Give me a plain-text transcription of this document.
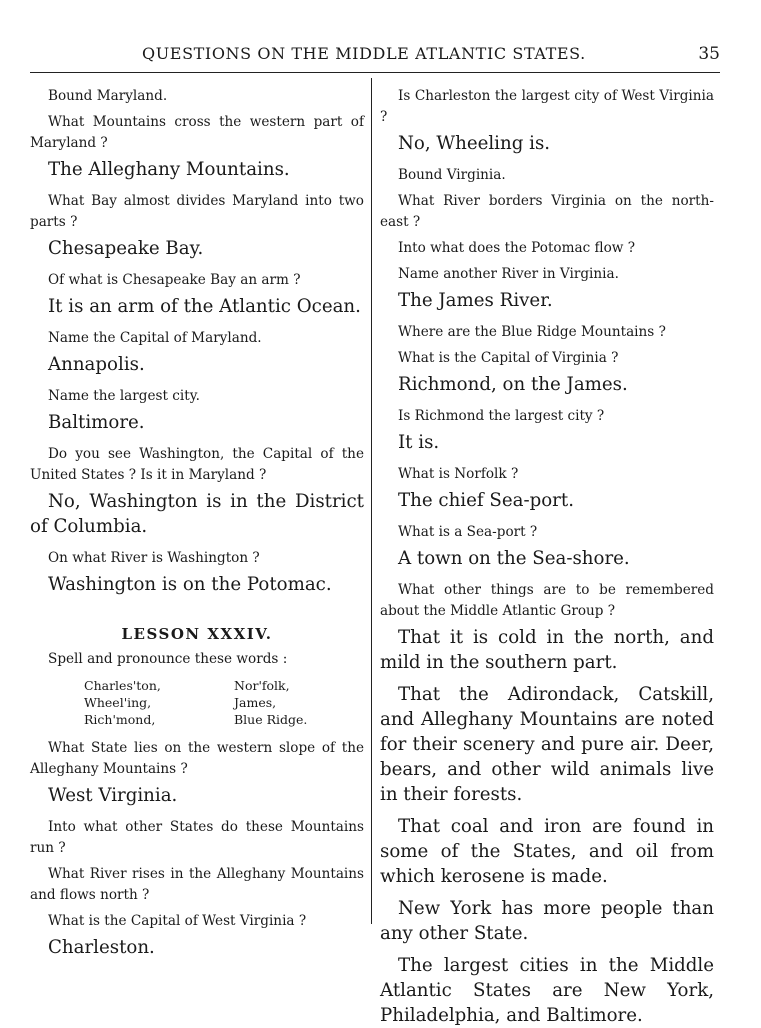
QUESTIONS ON THE MIDDLE ATLANTIC STATES.	35

Bound Maryland.

What Mountains cross the western part of Maryland ?

The Alleghany Mountains.

What Bay almost divides Maryland into two parts ?

Chesapeake Bay.

Of what is Chesapeake Bay an arm ?

It is an arm of the Atlantic Ocean.

Name the Capital of Maryland.

Annapolis.

Name the largest city.

Baltimore.

Do you see Washington, the Capital of the United States ? Is it in Maryland ?

No, Washington is in the District of Columbia.

On what River is Washington ?

Washington is on the Potomac.

LESSON XXXIV.

Spell and pronounce these words :

Charles'ton,	Nor'folk,
Wheel'ing,	James,
Rich'mond,	Blue Ridge.

What State lies on the western slope of the Alleghany Mountains ?

West Virginia.

Into what other States do these Mountains run ?

What River rises in the Alleghany Mountains and flows north ?

What is the Capital of West Virginia ?

Charleston.

Is Charleston the largest city of West Virginia ?

No, Wheeling is.

Bound Virginia.

What River borders Virginia on the north-east ?

Into what does the Potomac flow ?

Name another River in Virginia.

The James River.

Where are the Blue Ridge Mountains ?

What is the Capital of Virginia ?

Richmond, on the James.

Is Richmond the largest city ?

It is.

What is Norfolk ?

The chief Sea-port.

What is a Sea-port ?

A town on the Sea-shore.

What other things are to be remembered about the Middle Atlantic Group ?

That it is cold in the north, and mild in the southern part.

That the Adirondack, Catskill, and Alleghany Mountains are noted for their scenery and pure air. Deer, bears, and other wild animals live in their forests.

That coal and iron are found in some of the States, and oil from which kerosene is made.

New York has more people than any other State.

The largest cities in the Middle Atlantic States are New York, Philadelphia, and Baltimore.
